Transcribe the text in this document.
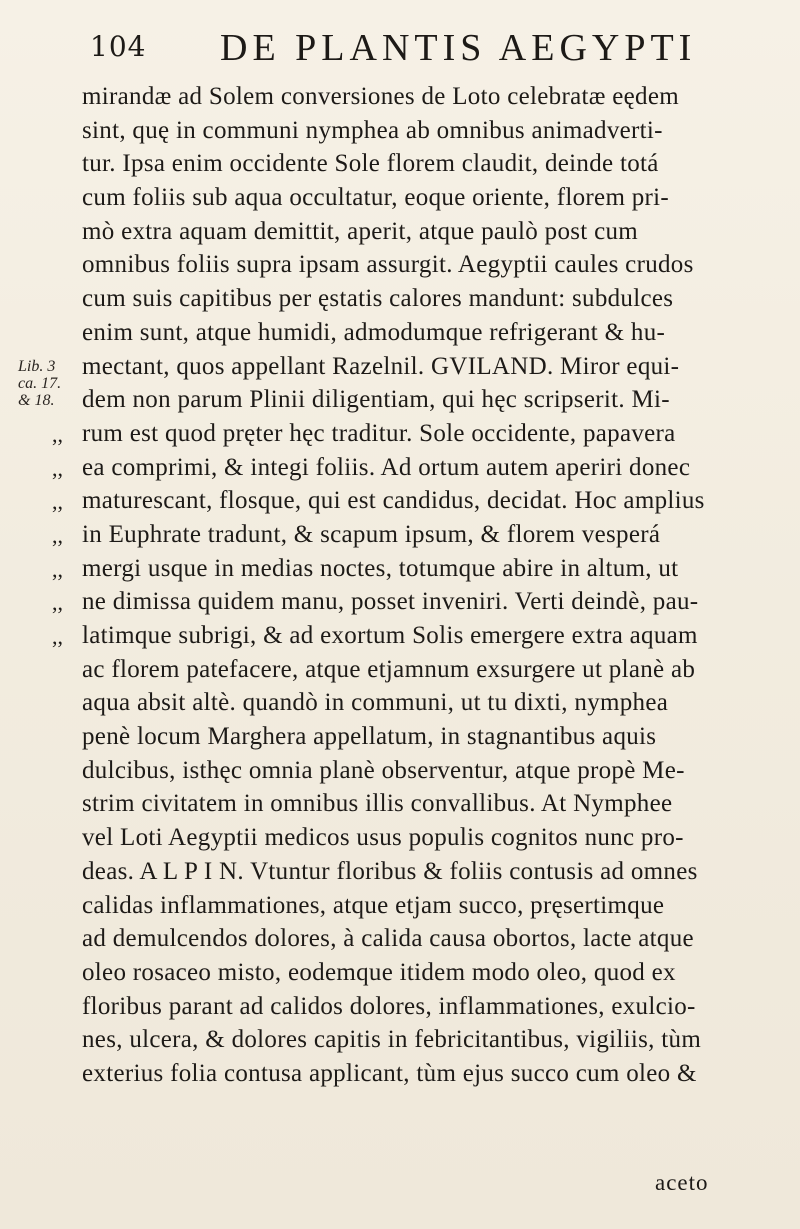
104 DE PLANTIS AEGYPTI
Lib. 3
ca. 17.
& 18.
,,
,,
,,
,,
,,
,,
,,
mirandæ ad Solem conversiones de Loto celebratæ eędem
sint, quę in communi nymphea ab omnibus animadverti-
tur. Ipsa enim occidente Sole florem claudit, deinde totá
cum foliis sub aqua occultatur, eoque oriente, florem pri-
mò extra aquam demittit, aperit, atque paulò post cum
omnibus foliis supra ipsam assurgit. Aegyptii caules crudos
cum suis capitibus per ęstatis calores mandunt: subdulces
enim sunt, atque humidi, admodumque refrigerant & hu-
mectant, quos appellant Razelnil. GVILAND. Miror equi-
dem non parum Plinii diligentiam, qui hęc scripserit. Mi-
rum est quod pręter hęc traditur. Sole occidente, papavera
ea comprimi, & integi foliis. Ad ortum autem aperiri donec
maturescant, flosque, qui est candidus, decidat. Hoc amplius
in Euphrate tradunt, & scapum ipsum, & florem vesperá
mergi usque in medias noctes, totumque abire in altum, ut
ne dimissa quidem manu, posset inveniri. Verti deindè, pau-
latimque subrigi, & ad exortum Solis emergere extra aquam
ac florem patefacere, atque etjamnum exsurgere ut planè ab
aqua absit altè. quandò in communi, ut tu dixti, nymphea
penè locum Marghera appellatum, in stagnantibus aquis
dulcibus, isthęc omnia planè observentur, atque propè Me-
strim civitatem in omnibus illis convallibus. At Nymphee
vel Loti Aegyptii medicos usus populis cognitos nunc pro-
deas. A L P I N. Vtuntur floribus & foliis contusis ad omnes
calidas inflammationes, atque etjam succo, pręsertimque
ad demulcendos dolores, à calida causa obortos, lacte atque
oleo rosaceo misto, eodemque itidem modo oleo, quod ex
floribus parant ad calidos dolores, inflammationes, exulcio-
nes, ulcera, & dolores capitis in febricitantibus, vigiliis, tùm
exterius folia contusa applicant, tùm ejus succo cum oleo &
aceto
